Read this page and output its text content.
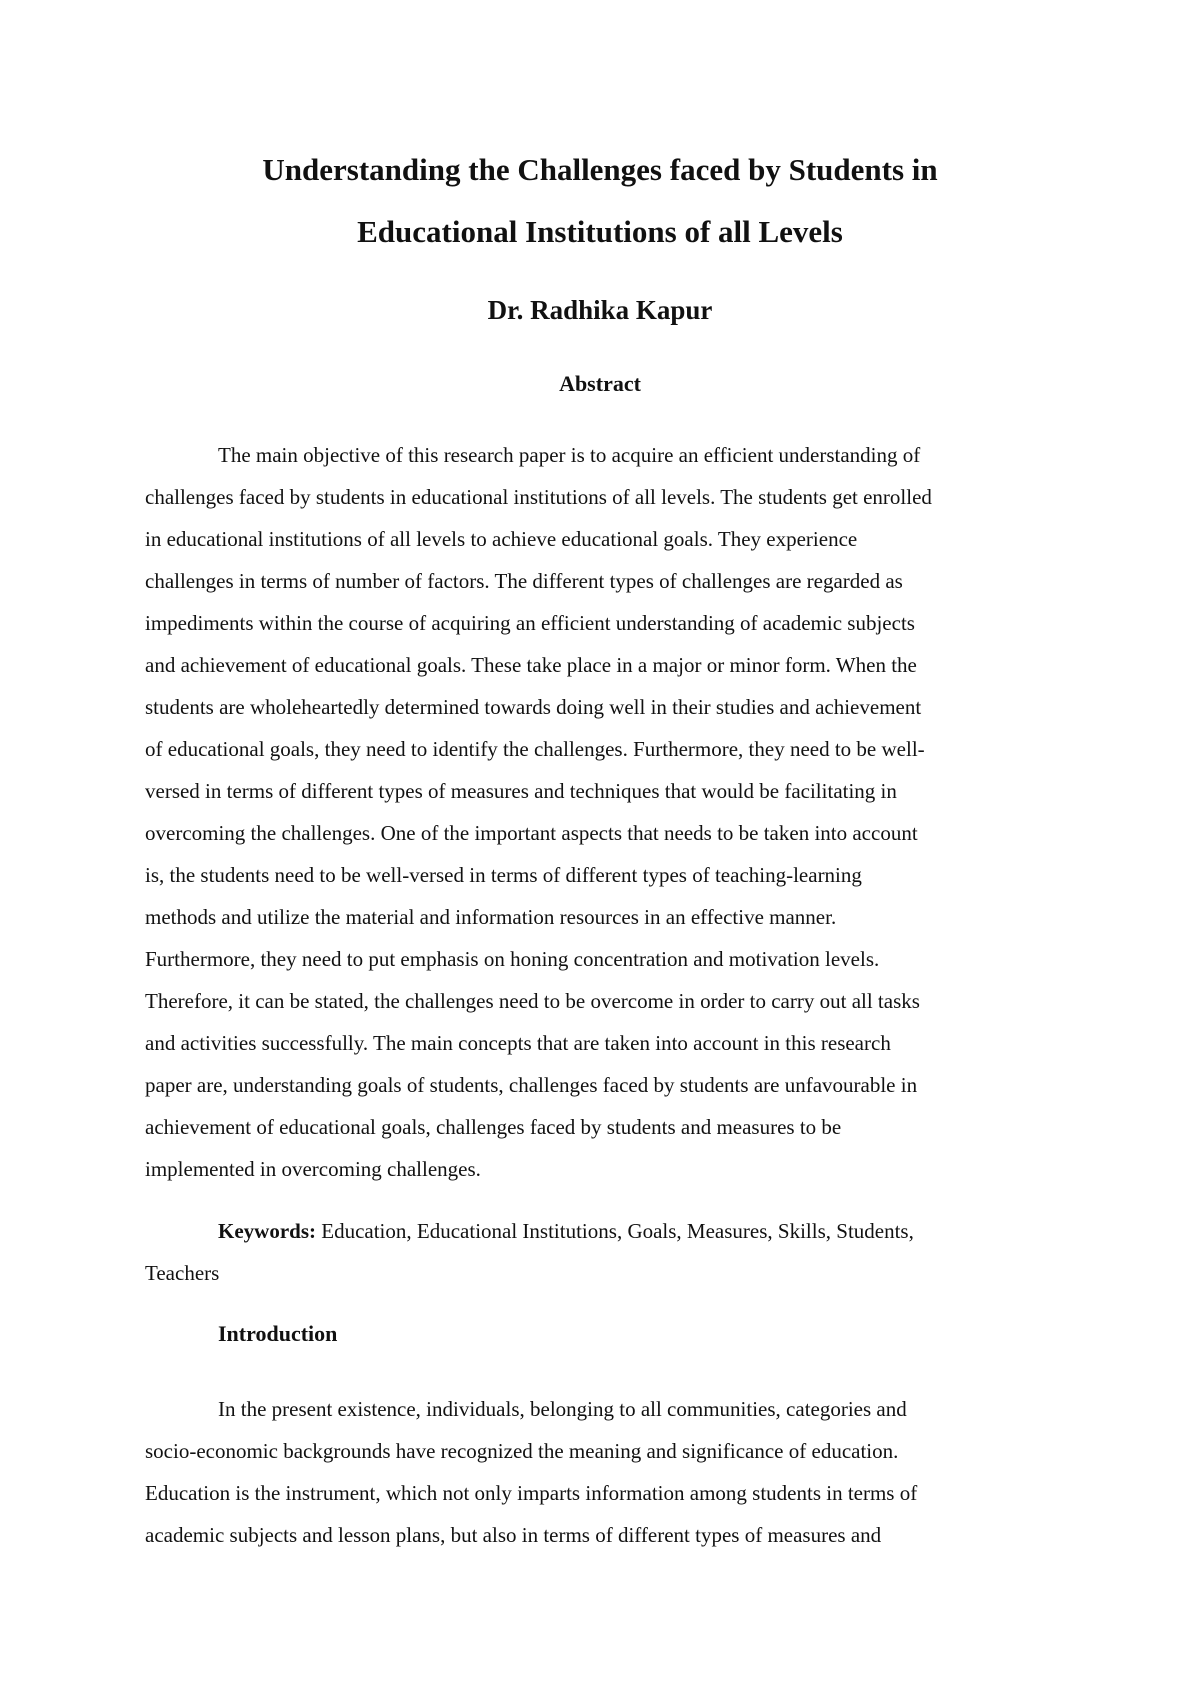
Understanding the Challenges faced by Students in
Educational Institutions of all Levels
Dr. Radhika Kapur
Abstract
The main objective of this research paper is to acquire an efficient understanding of
challenges faced by students in educational institutions of all levels. The students get enrolled
in educational institutions of all levels to achieve educational goals. They experience
challenges in terms of number of factors. The different types of challenges are regarded as
impediments within the course of acquiring an efficient understanding of academic subjects
and achievement of educational goals. These take place in a major or minor form. When the
students are wholeheartedly determined towards doing well in their studies and achievement
of educational goals, they need to identify the challenges. Furthermore, they need to be well-
versed in terms of different types of measures and techniques that would be facilitating in
overcoming the challenges. One of the important aspects that needs to be taken into account
is, the students need to be well-versed in terms of different types of teaching-learning
methods and utilize the material and information resources in an effective manner.
Furthermore, they need to put emphasis on honing concentration and motivation levels.
Therefore, it can be stated, the challenges need to be overcome in order to carry out all tasks
and activities successfully. The main concepts that are taken into account in this research
paper are, understanding goals of students, challenges faced by students are unfavourable in
achievement of educational goals, challenges faced by students and measures to be
implemented in overcoming challenges.
Keywords: Education, Educational Institutions, Goals, Measures, Skills, Students,
Teachers
Introduction
In the present existence, individuals, belonging to all communities, categories and
socio-economic backgrounds have recognized the meaning and significance of education.
Education is the instrument, which not only imparts information among students in terms of
academic subjects and lesson plans, but also in terms of different types of measures and
